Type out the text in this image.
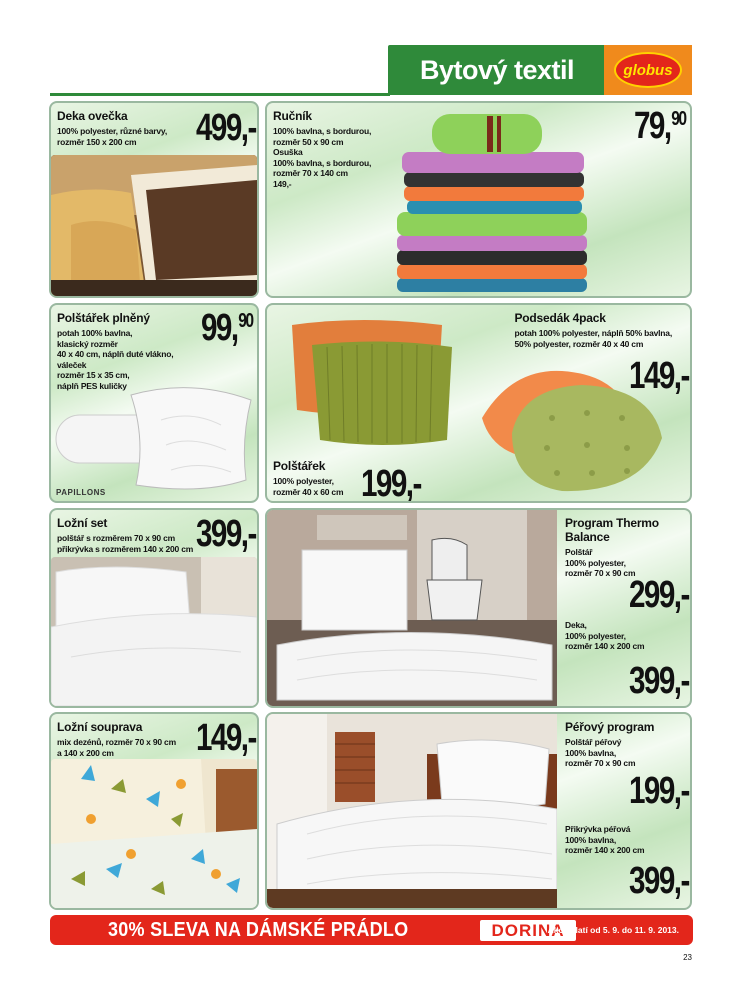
Bytový textil	globus
Deka ovečka
100% polyester, různé barvy,
rozměr 150 x 200 cm	499,- Ručník
100% bavlna, s bordurou,
rozměr 50 x 90 cm
Osuška
100% bavlna, s bordurou,
rozměr 70 x 140 cm
149,-
79,90
Polštářek plněný
potah 100% bavlna,
klasický rozměr
40 x 40 cm, náplň duté vlákno,
váleček
rozměr 15 x 35 cm,
náplň PES kuličky
99,90
PAPILLONS
Podsedák 4pack
potah 100% polyester, náplň 50% bavlna,
50% polyester, rozměr 40 x 40 cm
149,-
Polštářek
100% polyester,
rozměr 40 x 60 cm 199,-
Ložní set
polštář s rozměrem 70 x 90 cm
přikrývka s rozměrem 140 x 200 cm 399,-	Program Thermo
Balance
Polštář
100% polyester,
rozměr 70 x 90 cm
299,-
Deka,
100% polyester,
rozměr 140 x 200 cm
399,-
Ložní souprava
mix dezénů, rozměr 70 x 90 cm
a 140 x 200 cm	149,-	Péřový program
Polštář péřový
100% bavlna,
rozměr 70 x 90 cm
199,-
Přikrývka péřová
100% bavlna,
rozměr 140 x 200 cm
399,-
30% SLEVA NA DÁMSKÉ PRÁDLO	DORINA
Akce platí od 5. 9. do 11. 9. 2013.
23
